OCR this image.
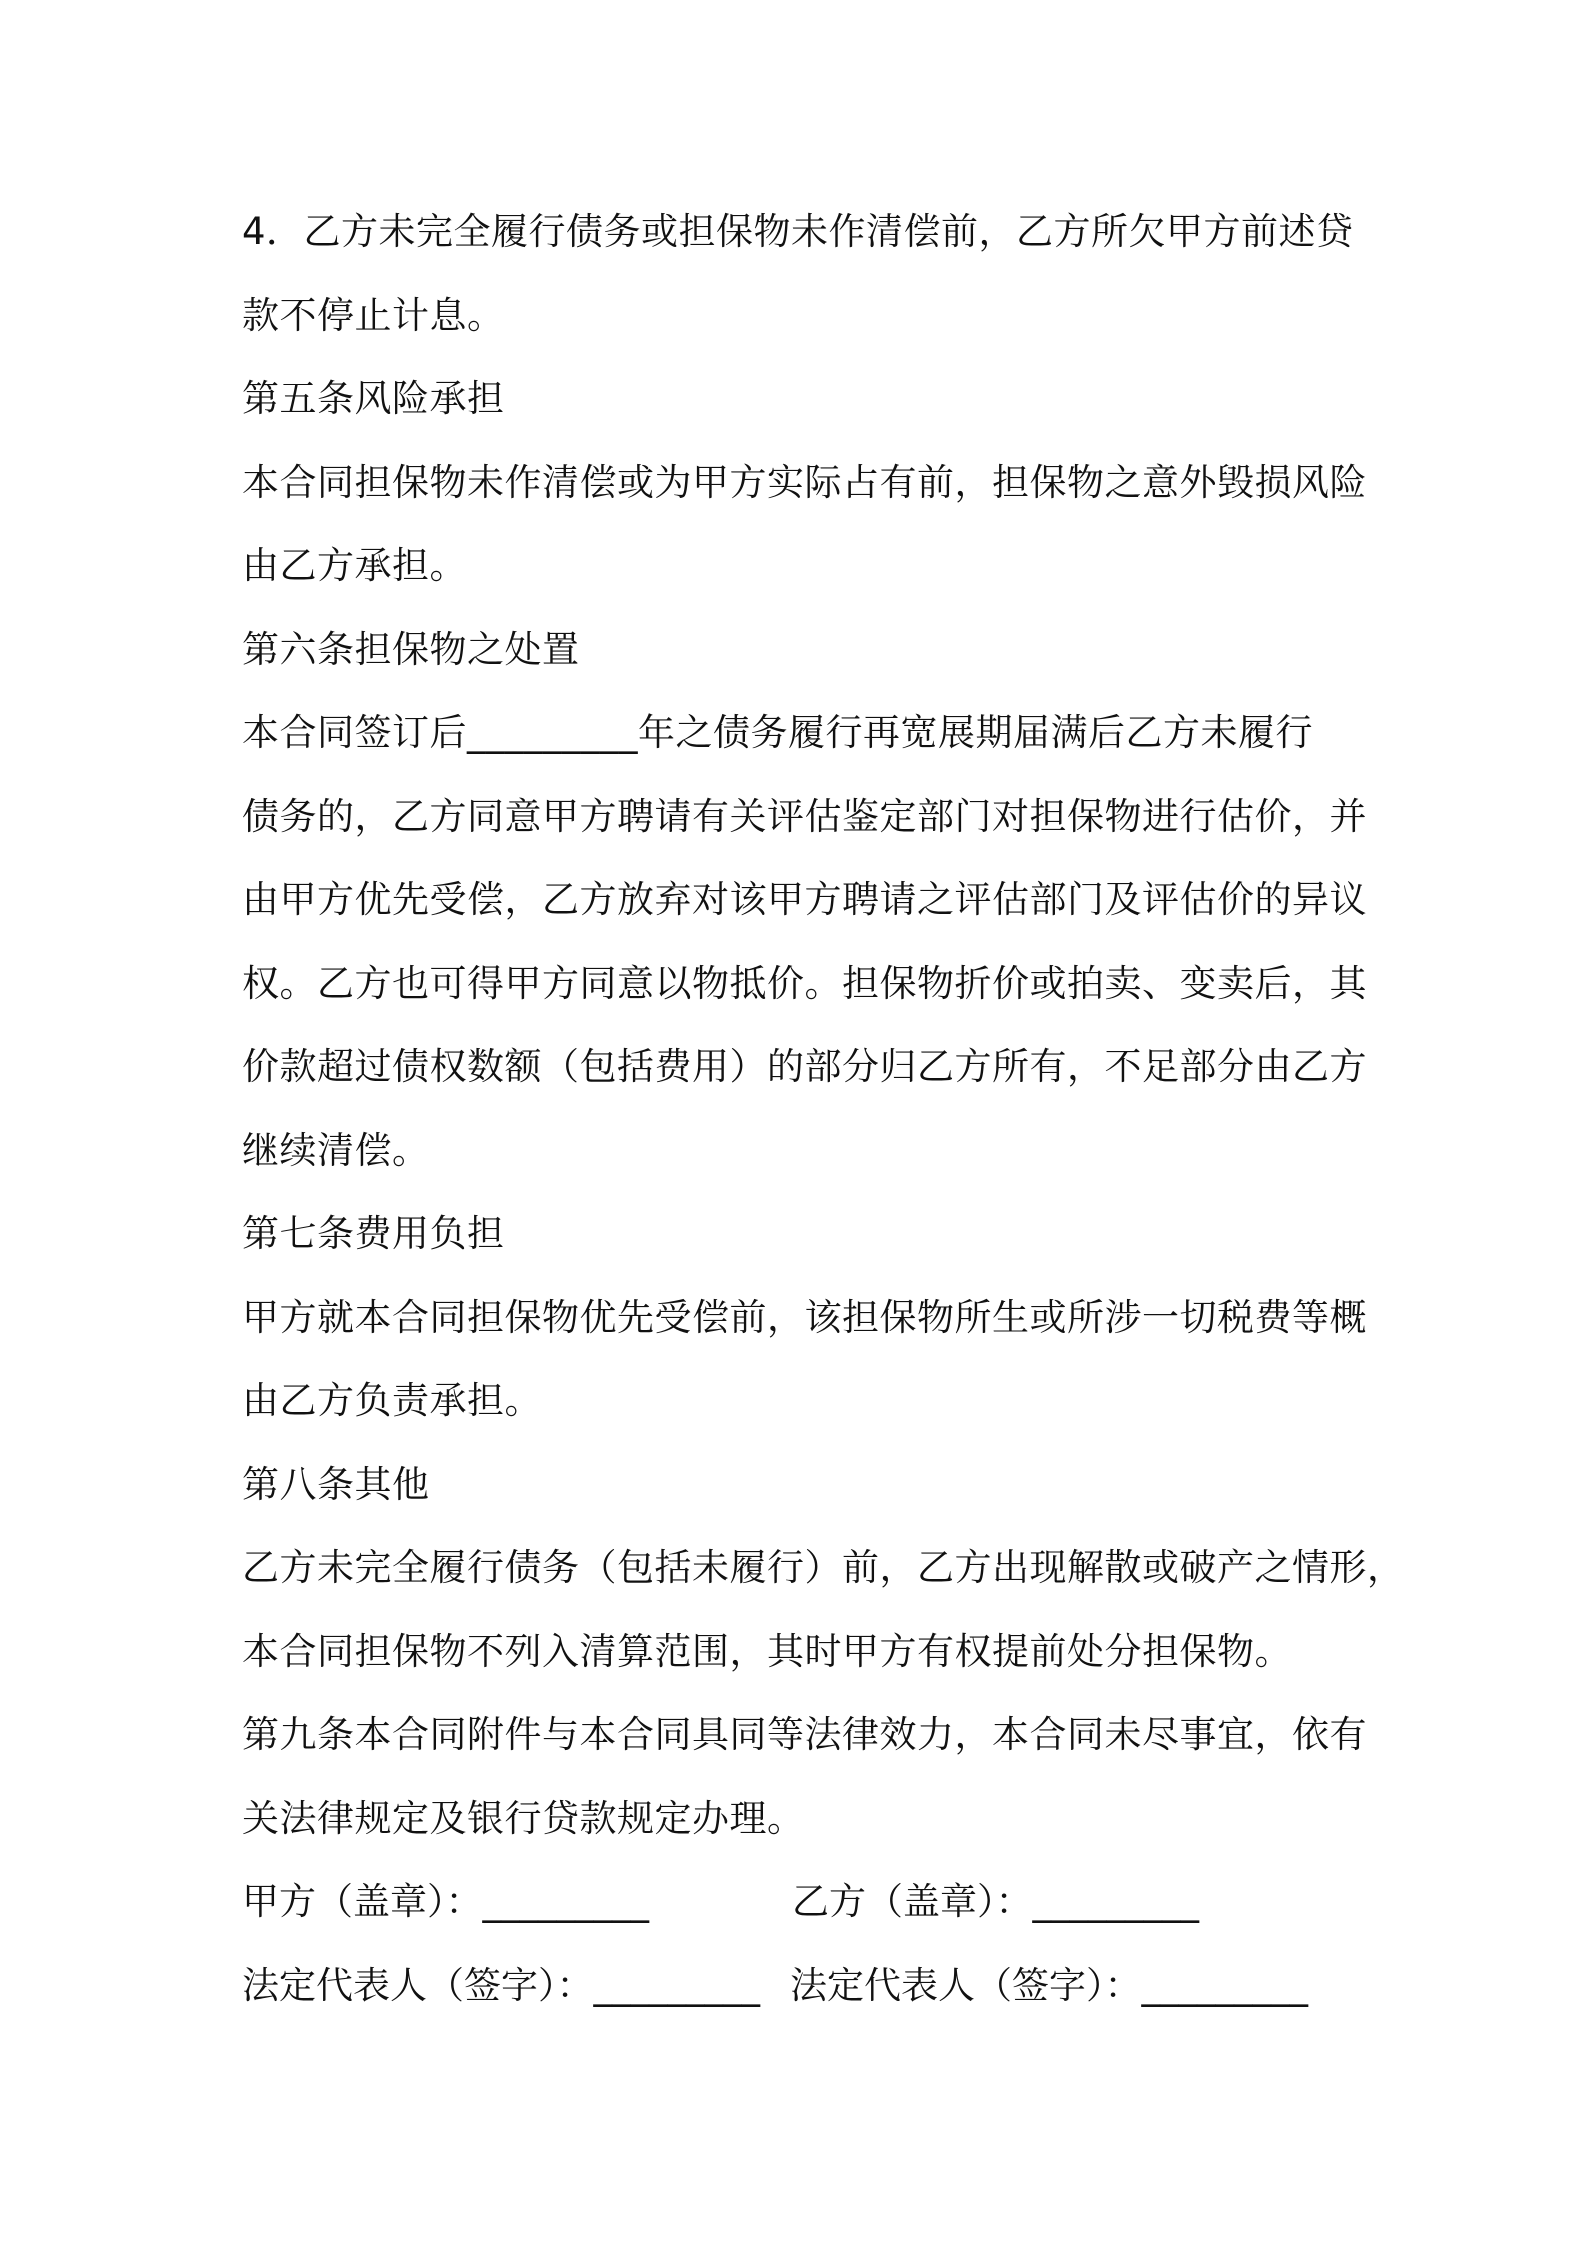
4．乙方未完全履行债务或担保物未作清偿前，乙方所欠甲方前述贷
款不停止计息。
第五条风险承担
本合同担保物未作清偿或为甲方实际占有前，担保物之意外毁损风险
由乙方承担。
第六条担保物之处置
本合同签订后_________年之债务履行再宽展期届满后乙方未履行
债务的，乙方同意甲方聘请有关评估鉴定部门对担保物进行估价，并
由甲方优先受偿，乙方放弃对该甲方聘请之评估部门及评估价的异议
权。乙方也可得甲方同意以物抵价。担保物折价或拍卖、变卖后，其
价款超过债权数额（包括费用）的部分归乙方所有，不足部分由乙方
继续清偿。
第七条费用负担
甲方就本合同担保物优先受偿前，该担保物所生或所涉一切税费等概
由乙方负责承担。
第八条其他
乙方未完全履行债务（包括未履行）前，乙方出现解散或破产之情形，
本合同担保物不列入清算范围，其时甲方有权提前处分担保物。
第九条本合同附件与本合同具同等法律效力，本合同未尽事宜，依有
关法律规定及银行贷款规定办理。
甲方（盖章）：_________	乙方（盖章）：_________
法定代表人（签字）：_________ 法定代表人（签字）：_________
